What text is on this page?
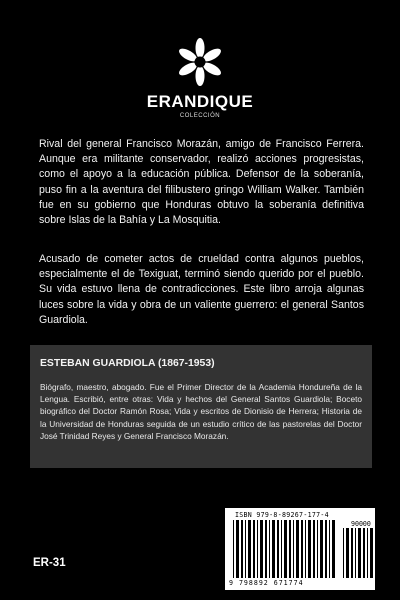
ERANDIQUE
COLECCIÓN
Rival del general Francisco Morazán, amigo de Francisco Ferrera. Aunque era militante conservador, realizó acciones progresistas, como el apoyo a la educación pública. Defensor de la soberanía, puso fin a la aventura del filibustero gringo William Walker. También fue en su gobierno que Honduras obtuvo la soberanía definitiva sobre Islas de la Bahía y La Mosquitia.
Acusado de cometer actos de crueldad contra algunos pueblos, especialmente el de Texiguat, terminó siendo querido por el pueblo. Su vida estuvo llena de contradicciones. Este libro arroja algunas luces sobre la vida y obra de un valiente guerrero: el general Santos Guardiola.
ESTEBAN GUARDIOLA (1867-1953)
Biógrafo, maestro, abogado. Fue el Primer Director de la Academia Hondureña de la Lengua. Escribió, entre otras: Vida y hechos del General Santos Guardiola; Boceto biográfico del Doctor Ramón Rosa; Vida y escritos de Dionisio de Herrera; Historia de la Universidad de Honduras seguida de un estudio crítico de las pastorelas del Doctor José Trinidad Reyes y General Francisco Morazán.
ER-31
ISBN 979-8-89267-177-4
90000
9 798892 671774
